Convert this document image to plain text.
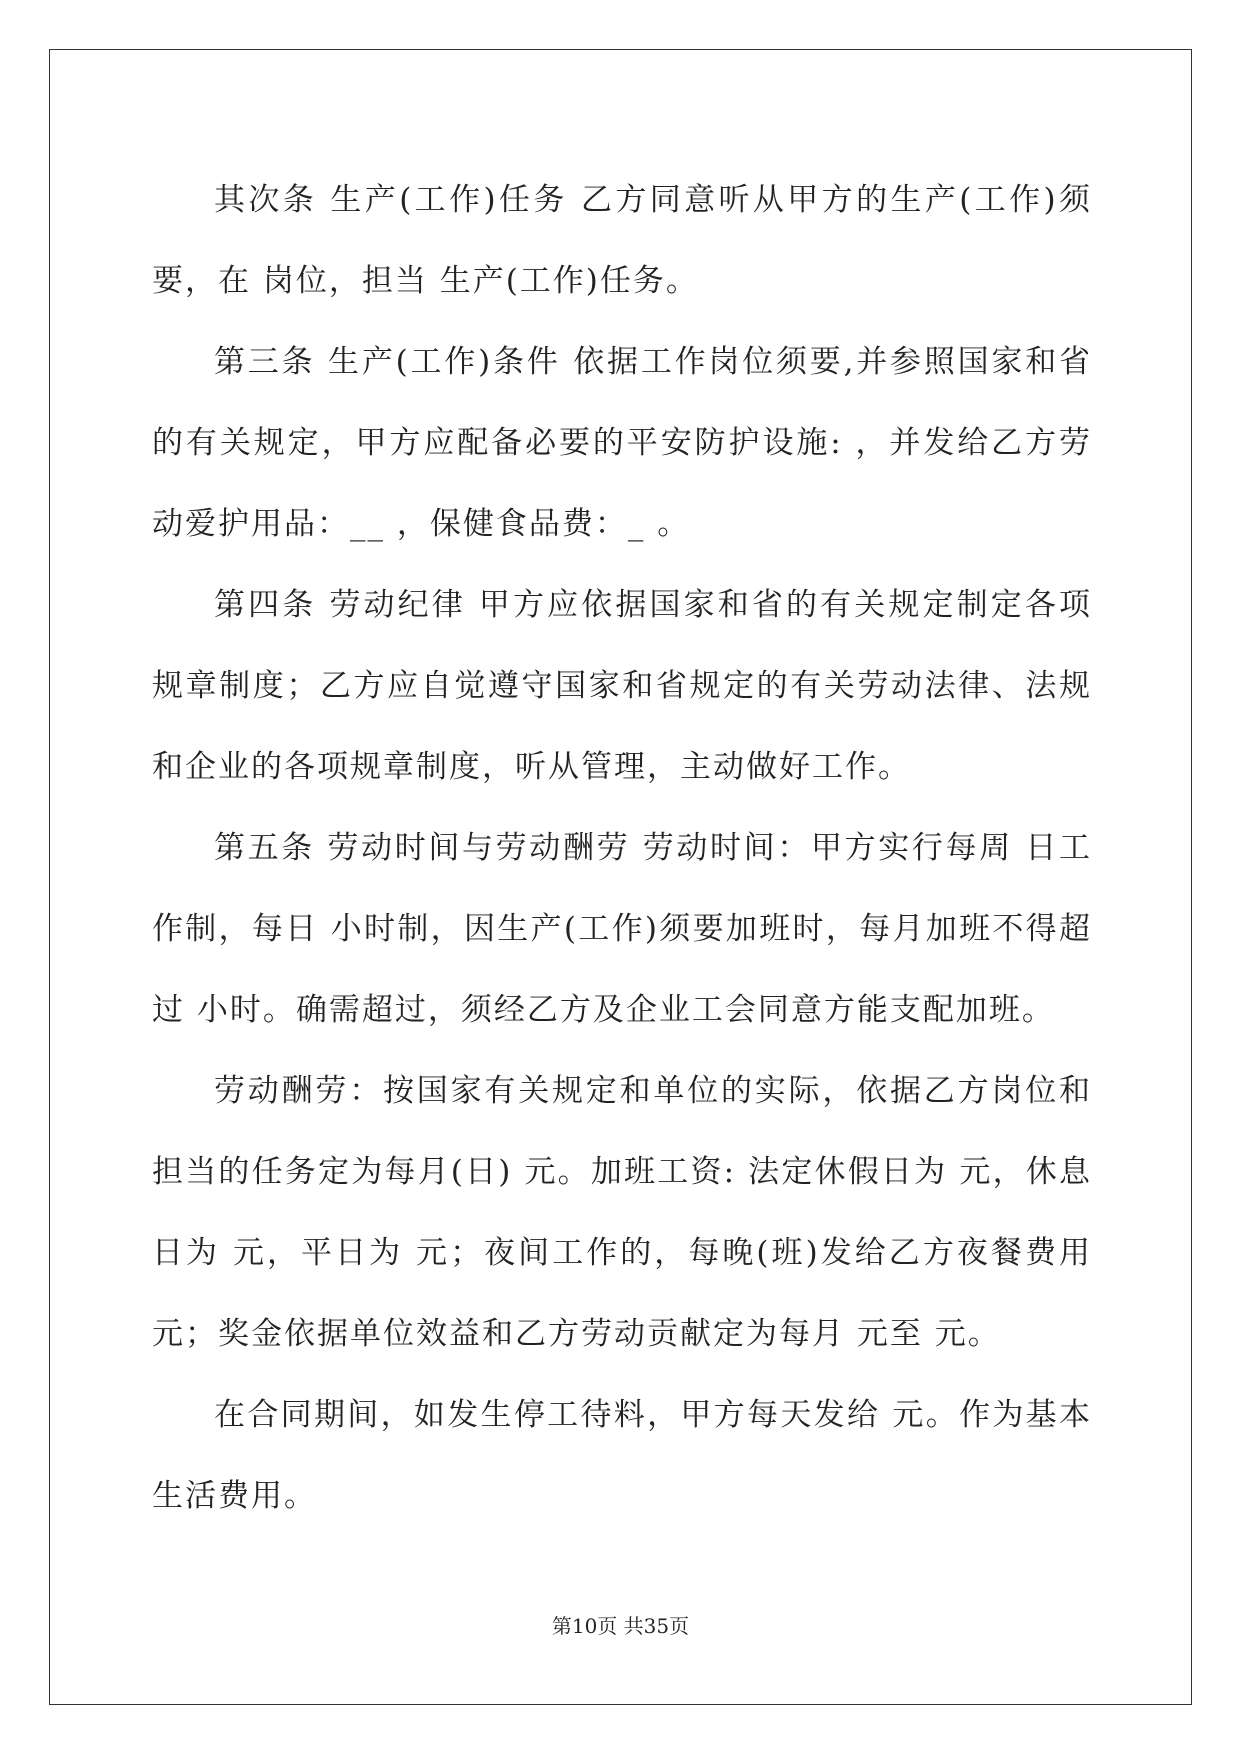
其次条 生产(工作)任务 乙方同意听从甲方的生产(工作)须要，在 岗位，担当 生产(工作)任务。

第三条 生产(工作)条件 依据工作岗位须要,并参照国家和省的有关规定，甲方应配备必要的平安防护设施: ，并发给乙方劳动爱护用品：__ ，保健食品费：_ 。

第四条 劳动纪律 甲方应依据国家和省的有关规定制定各项规章制度；乙方应自觉遵守国家和省规定的有关劳动法律、法规和企业的各项规章制度，听从管理，主动做好工作。

第五条 劳动时间与劳动酬劳 劳动时间：甲方实行每周 日工作制，每日 小时制，因生产(工作)须要加班时，每月加班不得超过 小时。确需超过，须经乙方及企业工会同意方能支配加班。

劳动酬劳：按国家有关规定和单位的实际，依据乙方岗位和担当的任务定为每月(日) 元。加班工资: 法定休假日为 元，休息日为 元，平日为 元；夜间工作的，每晚(班)发给乙方夜餐费用 元；奖金依据单位效益和乙方劳动贡献定为每月 元至 元。

在合同期间，如发生停工待料，甲方每天发给 元。作为基本生活费用。

第10页 共35页
